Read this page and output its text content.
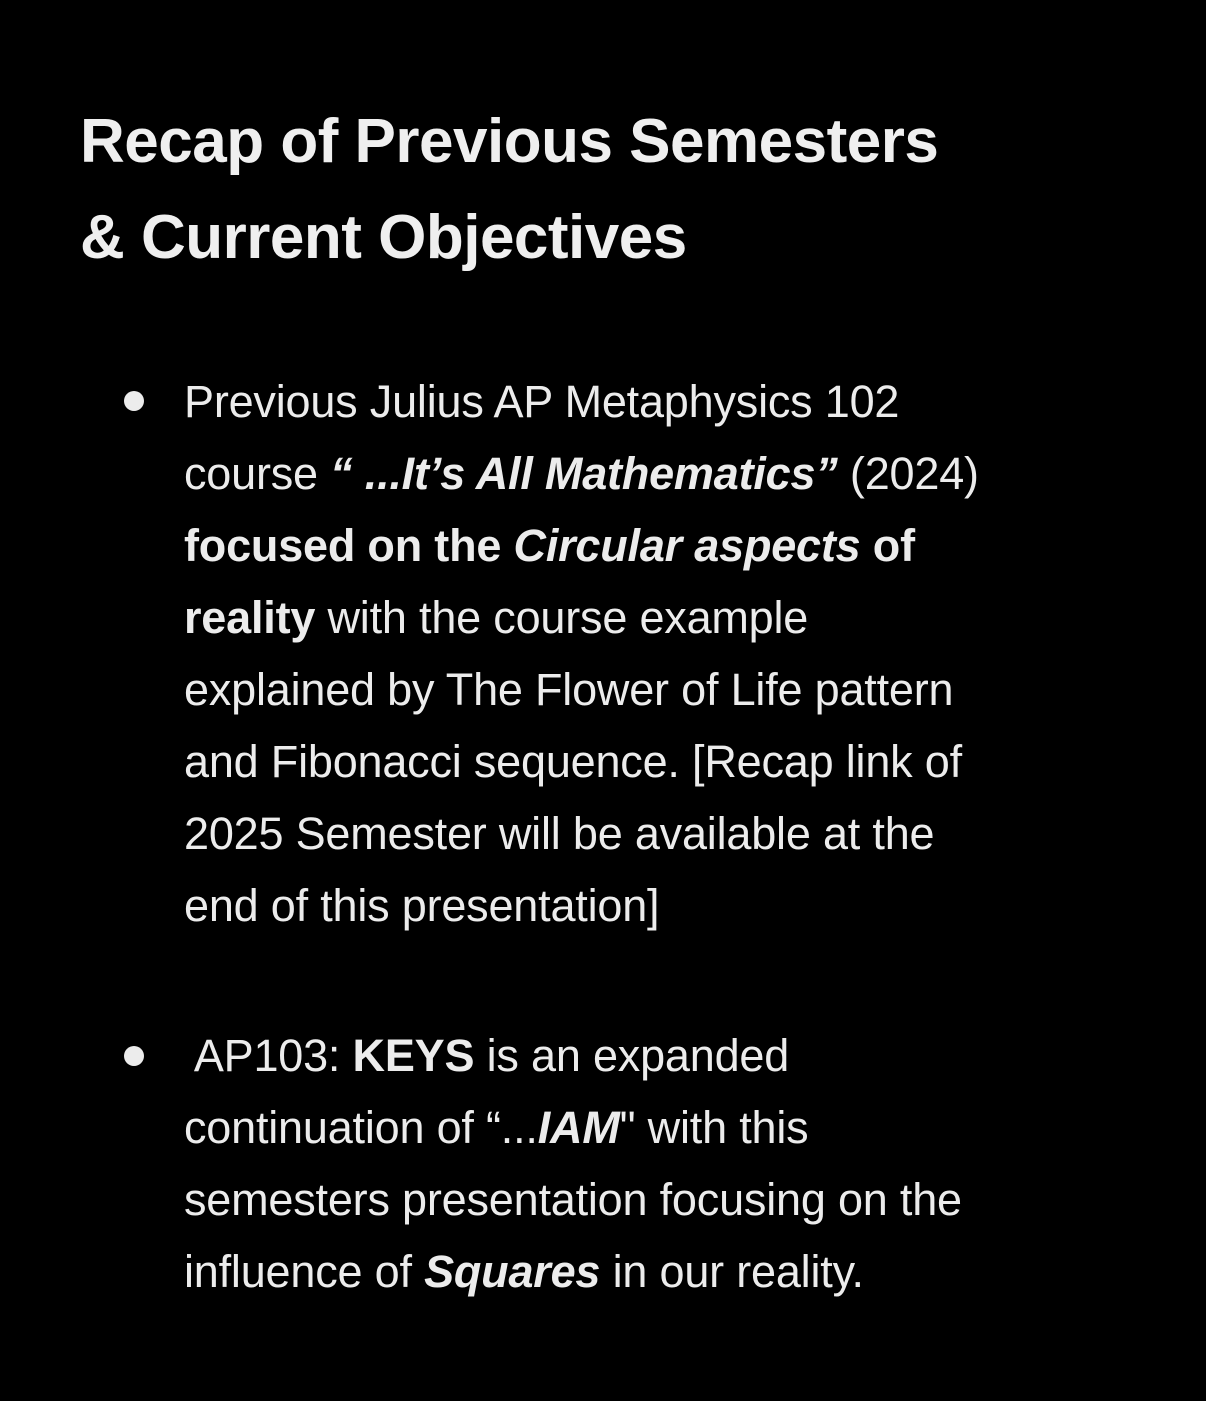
Recap of Previous Semesters
& Current Objectives
Previous Julius AP Metaphysics 102
course “ ...It’s All Mathematics” (2024)
focused on the Circular aspects of
reality with the course example
explained by The Flower of Life pattern
and Fibonacci sequence. [Recap link of
2025 Semester will be available at the
end of this presentation]
AP103: KEYS is an expanded
continuation of “...IAM" with this
semesters presentation focusing on the
influence of Squares in our reality.
